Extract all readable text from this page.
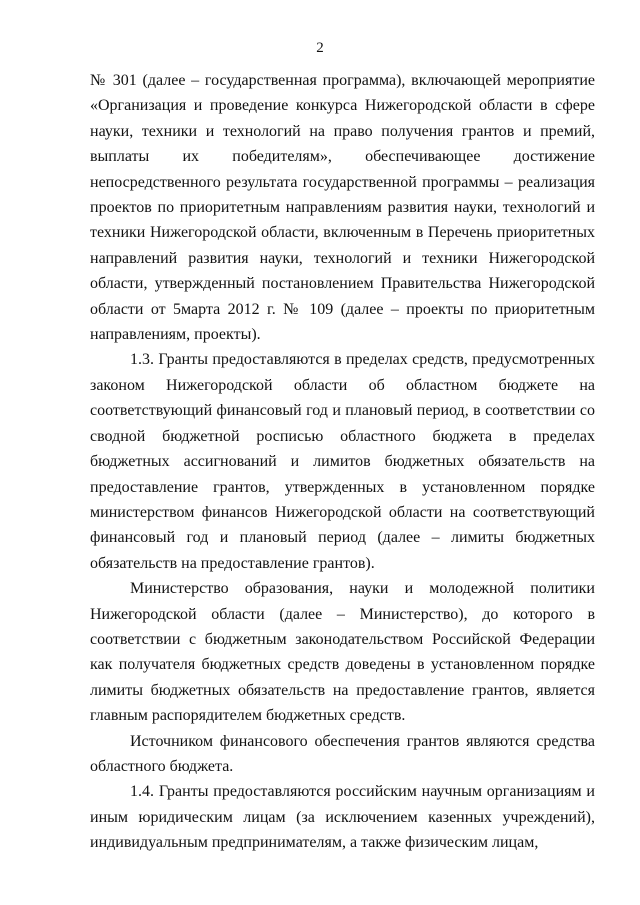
2

№ 301 (далее – государственная программа), включающей мероприятие «Организация и проведение конкурса Нижегородской области в сфере науки, техники и технологий на право получения грантов и премий, выплаты их победителям», обеспечивающее достижение непосредственного результата государственной программы – реализация проектов по приоритетным направлениям развития науки, технологий и техники Нижегородской области, включенным в Перечень приоритетных направлений развития науки, технологий и техники Нижегородской области, утвержденный постановлением Правительства Нижегородской области от 5марта 2012 г. № 109 (далее – проекты по приоритетным направлениям, проекты).

1.3. Гранты предоставляются в пределах средств, предусмотренных законом Нижегородской области об областном бюджете на соответствующий финансовый год и плановый период, в соответствии со сводной бюджетной росписью областного бюджета в пределах бюджетных ассигнований и лимитов бюджетных обязательств на предоставление грантов, утвержденных в установленном порядке министерством финансов Нижегородской области на соответствующий финансовый год и плановый период (далее – лимиты бюджетных обязательств на предоставление грантов).

Министерство образования, науки и молодежной политики Нижегородской области (далее – Министерство), до которого в соответствии с бюджетным законодательством Российской Федерации как получателя бюджетных средств доведены в установленном порядке лимиты бюджетных обязательств на предоставление грантов, является главным распорядителем бюджетных средств.

Источником финансового обеспечения грантов являются средства областного бюджета.

1.4. Гранты предоставляются российским научным организациям и иным юридическим лицам (за исключением казенных учреждений), индивидуальным предпринимателям, а также физическим лицам,
